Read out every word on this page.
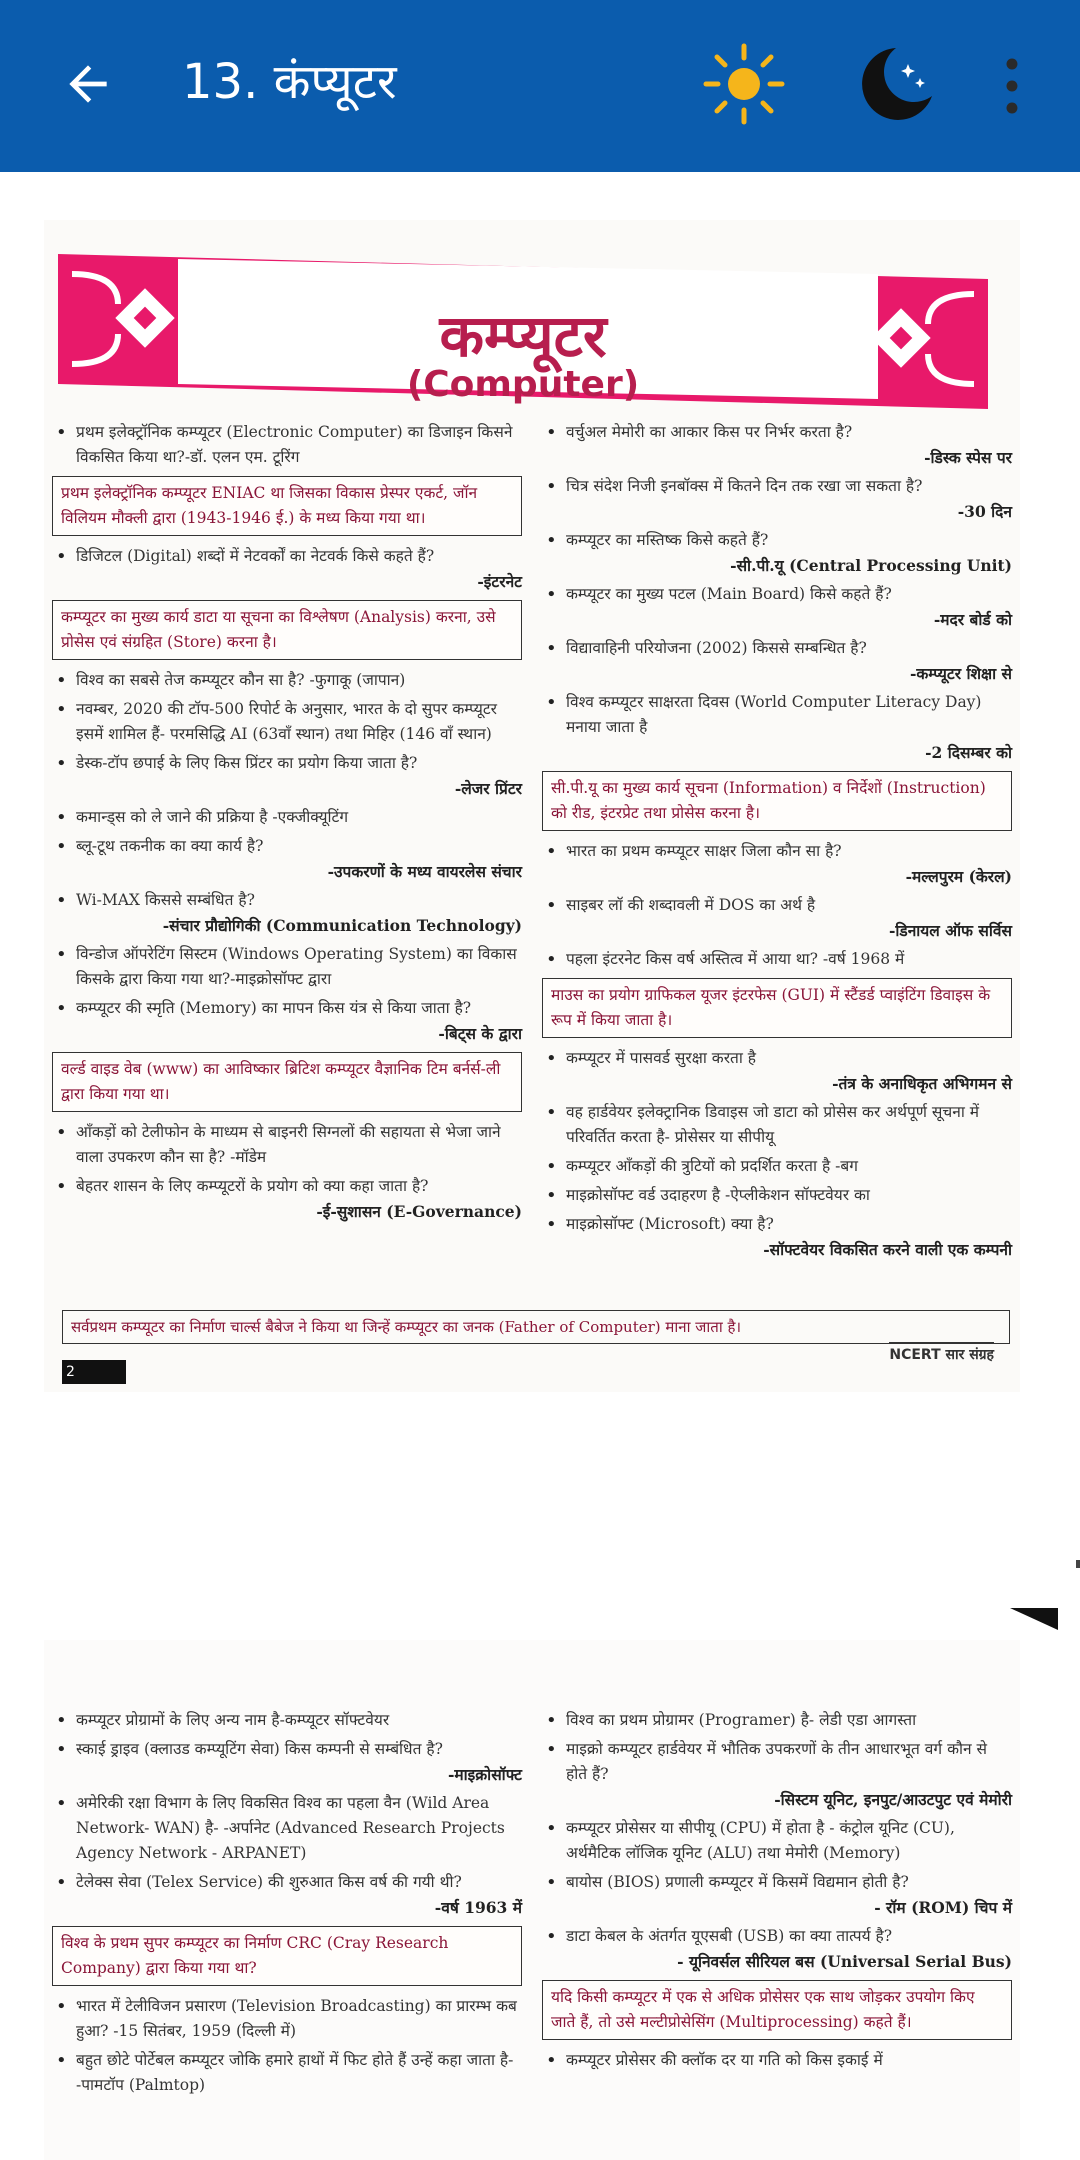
13. कंप्यूटर
कम्प्यूटर
(Computer)
• प्रथम इलेक्ट्रॉनिक कम्प्यूटर (Electronic Computer) का डिजाइन किसने विकसित किया था?-डॉ. एलन एम. टूरिंग
प्रथम इलेक्ट्रॉनिक कम्प्यूटर ENIAC था जिसका विकास प्रेस्पर एकर्ट, जॉन विलियम मौक्ली द्वारा (1943-1946 ई.) के मध्य किया गया था।
• डिजिटल (Digital) शब्दों में नेटवर्कों का नेटवर्क किसे कहते हैं?
-इंटरनेट
कम्प्यूटर का मुख्य कार्य डाटा या सूचना का विश्लेषण (Analysis) करना, उसे प्रोसेस एवं संग्रहित (Store) करना है।
• विश्व का सबसे तेज कम्प्यूटर कौन सा है? -फुगाकू (जापान)
• नवम्बर, 2020 की टॉप-500 रिपोर्ट के अनुसार, भारत के दो सुपर कम्प्यूटर इसमें शामिल हैं- परमसिद्धि AI (63वाँ स्थान) तथा मिहिर (146 वाँ स्थान)
• डेस्क-टॉप छपाई के लिए किस प्रिंटर का प्रयोग किया जाता है?
-लेजर प्रिंटर
• कमान्ड्स को ले जाने की प्रक्रिया है -एक्जीक्यूटिंग
• ब्लू-टूथ तकनीक का क्या कार्य है?
-उपकरणों के मध्य वायरलेस संचार
• Wi-MAX किससे सम्बंधित है?
-संचार प्रौद्योगिकी (Communication Technology)
• विन्डोज ऑपरेटिंग सिस्टम (Windows Operating System) का विकास किसके द्वारा किया गया था?-माइक्रोसॉफ्ट द्वारा
• कम्प्यूटर की स्मृति (Memory) का मापन किस यंत्र से किया जाता है?
-बिट्स के द्वारा
वर्ल्ड वाइड वेब (www) का आविष्कार ब्रिटिश कम्प्यूटर वैज्ञानिक टिम बर्नर्स-ली द्वारा किया गया था।
• आँकड़ों को टेलीफोन के माध्यम से बाइनरी सिग्नलों की सहायता से भेजा जाने वाला उपकरण कौन सा है? -मॉडेम
• बेहतर शासन के लिए कम्प्यूटरों के प्रयोग को क्या कहा जाता है?
-ई-सुशासन (E-Governance)
• वर्चुअल मेमोरी का आकार किस पर निर्भर करता है?
-डिस्क स्पेस पर
• चित्र संदेश निजी इनबॉक्स में कितने दिन तक रखा जा सकता है?
-30 दिन
• कम्प्यूटर का मस्तिष्क किसे कहते हैं?
-सी.पी.यू (Central Processing Unit)
• कम्प्यूटर का मुख्य पटल (Main Board) किसे कहते हैं?
-मदर बोर्ड को
• विद्यावाहिनी परियोजना (2002) किससे सम्बन्धित है?
-कम्प्यूटर शिक्षा से
• विश्व कम्प्यूटर साक्षरता दिवस (World Computer Literacy Day) मनाया जाता है
-2 दिसम्बर को
सी.पी.यू का मुख्य कार्य सूचना (Information) व निर्देशों (Instruction) को रीड, इंटरप्रेट तथा प्रोसेस करना है।
• भारत का प्रथम कम्प्यूटर साक्षर जिला कौन सा है?
-मल्लपुरम (केरल)
• साइबर लॉ की शब्दावली में DOS का अर्थ है
-डिनायल ऑफ सर्विस
• पहला इंटरनेट किस वर्ष अस्तित्व में आया था? -वर्ष 1968 में
माउस का प्रयोग ग्राफिकल यूजर इंटरफेस (GUI) में स्टैंडर्ड प्वाइंटिंग डिवाइस के रूप में किया जाता है।
• कम्प्यूटर में पासवर्ड सुरक्षा करता है
-तंत्र के अनाधिकृत अभिगमन से
• वह हार्डवेयर इलेक्ट्रानिक डिवाइस जो डाटा को प्रोसेस कर अर्थपूर्ण सूचना में परिवर्तित करता है- प्रोसेसर या सीपीयू
• कम्प्यूटर आँकड़ों की त्रुटियों को प्रदर्शित करता है -बग
• माइक्रोसॉफ्ट वर्ड उदाहरण है -ऐप्लीकेशन सॉफ्टवेयर का
• माइक्रोसॉफ्ट (Microsoft) क्या है?
-सॉफ्टवेयर विकसित करने वाली एक कम्पनी
सर्वप्रथम कम्प्यूटर का निर्माण चार्ल्स बैबेज ने किया था जिन्हें कम्प्यूटर का जनक (Father of Computer) माना जाता है।
2
NCERT सार संग्रह
• कम्प्यूटर प्रोग्रामों के लिए अन्य नाम है-कम्प्यूटर सॉफ्टवेयर
• स्काई ड्राइव (क्लाउड कम्प्यूटिंग सेवा) किस कम्पनी से सम्बंधित है?
-माइक्रोसॉफ्ट
• अमेरिकी रक्षा विभाग के लिए विकसित विश्व का पहला वैन (Wild Area Network- WAN) है- -अर्पानेट (Advanced Research Projects Agency Network - ARPANET)
• टेलेक्स सेवा (Telex Service) की शुरुआत किस वर्ष की गयी थी?
-वर्ष 1963 में
विश्व के प्रथम सुपर कम्प्यूटर का निर्माण CRC (Cray Research Company) द्वारा किया गया था?
• भारत में टेलीविजन प्रसारण (Television Broadcasting) का प्रारम्भ कब हुआ? -15 सितंबर, 1959 (दिल्ली में)
• बहुत छोटे पोर्टेबल कम्प्यूटर जोकि हमारे हाथों में फिट होते हैं उन्हें कहा जाता है- -पामटॉप (Palmtop)
• विश्व का प्रथम प्रोग्रामर (Programer) है- लेडी एडा आगस्ता
• माइक्रो कम्प्यूटर हार्डवेयर में भौतिक उपकरणों के तीन आधारभूत वर्ग कौन से होते हैं?
-सिस्टम यूनिट, इनपुट/आउटपुट एवं मेमोरी
• कम्प्यूटर प्रोसेसर या सीपीयू (CPU) में होता है - कंट्रोल यूनिट (CU), अर्थमैटिक लॉजिक यूनिट (ALU) तथा मेमोरी (Memory)
• बायोस (BIOS) प्रणाली कम्प्यूटर में किसमें विद्यमान होती है?
- रॉम (ROM) चिप में
• डाटा केबल के अंतर्गत यूएसबी (USB) का क्या तात्पर्य है?
- यूनिवर्सल सीरियल बस (Universal Serial Bus)
यदि किसी कम्प्यूटर में एक से अधिक प्रोसेसर एक साथ जोड़कर उपयोग किए जाते हैं, तो उसे मल्टीप्रोसेसिंग (Multiprocessing) कहते हैं।
• कम्प्यूटर प्रोसेसर की क्लॉक दर या गति को किस इकाई में
